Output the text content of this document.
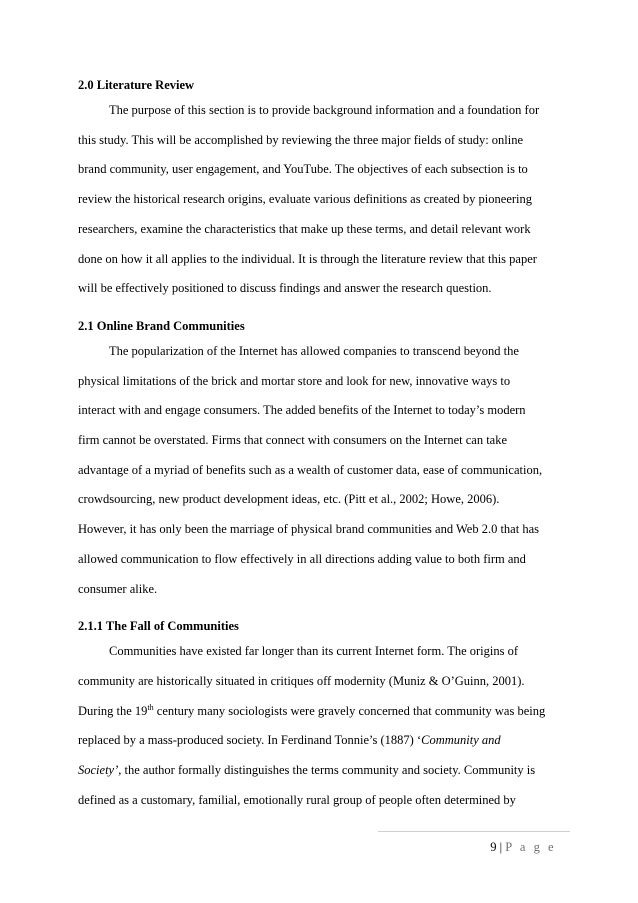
2.0 Literature Review

The purpose of this section is to provide background information and a foundation for
this study. This will be accomplished by reviewing the three major fields of study: online
brand community, user engagement, and YouTube. The objectives of each subsection is to
review the historical research origins, evaluate various definitions as created by pioneering
researchers, examine the characteristics that make up these terms, and detail relevant work
done on how it all applies to the individual. It is through the literature review that this paper
will be effectively positioned to discuss findings and answer the research question.

2.1 Online Brand Communities

The popularization of the Internet has allowed companies to transcend beyond the
physical limitations of the brick and mortar store and look for new, innovative ways to
interact with and engage consumers. The added benefits of the Internet to today’s modern
firm cannot be overstated. Firms that connect with consumers on the Internet can take
advantage of a myriad of benefits such as a wealth of customer data, ease of communication,
crowdsourcing, new product development ideas, etc. (Pitt et al., 2002; Howe, 2006).
However, it has only been the marriage of physical brand communities and Web 2.0 that has
allowed communication to flow effectively in all directions adding value to both firm and
consumer alike.

2.1.1 The Fall of Communities

Communities have existed far longer than its current Internet form. The origins of
community are historically situated in critiques off modernity (Muniz & O’Guinn, 2001).
During the 19th century many sociologists were gravely concerned that community was being
replaced by a mass-produced society. In Ferdinand Tonnie’s (1887) ‘Community and
Society’, the author formally distinguishes the terms community and society. Community is
defined as a customary, familial, emotionally rural group of people often determined by

9 | P a g e
